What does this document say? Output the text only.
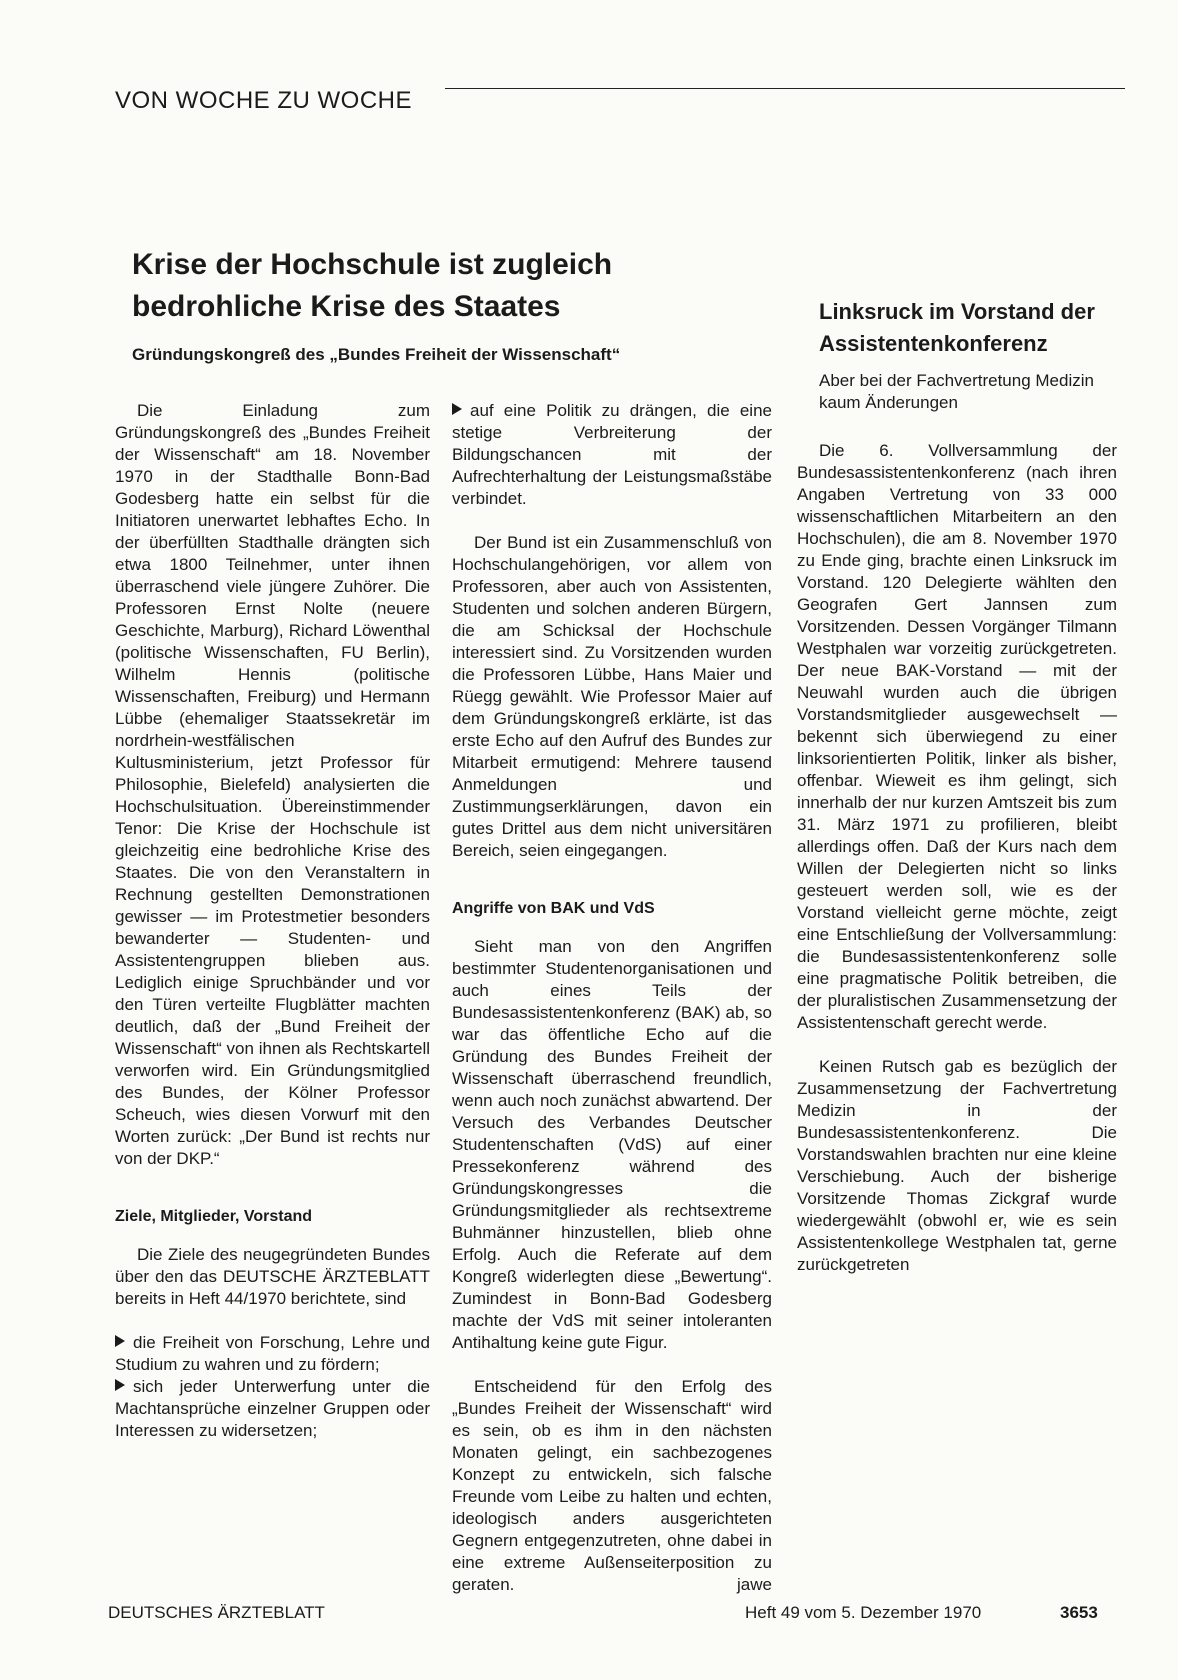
VON WOCHE ZU WOCHE
Krise der Hochschule ist zugleich bedrohliche Krise des Staates
Gründungskongreß des „Bundes Freiheit der Wissenschaft“

Die Einladung zum Gründungskongreß des „Bundes Freiheit der Wissenschaft“ am 18. November 1970 in der Stadthalle Bonn-Bad Godesberg hatte ein selbst für die Initiatoren unerwartet lebhaftes Echo. In der überfüllten Stadthalle drängten sich etwa 1800 Teilnehmer, unter ihnen überraschend viele jüngere Zuhörer. Die Professoren Ernst Nolte (neuere Geschichte, Marburg), Richard Löwenthal (politische Wissenschaften, FU Berlin), Wilhelm Hennis (politische Wissenschaften, Freiburg) und Hermann Lübbe (ehemaliger Staatssekretär im nordrhein-westfälischen Kultusministerium, jetzt Professor für Philosophie, Bielefeld) analysierten die Hochschulsituation. Übereinstimmender Tenor: Die Krise der Hochschule ist gleichzeitig eine bedrohliche Krise des Staates. Die von den Veranstaltern in Rechnung gestellten Demonstrationen gewisser — im Protestmetier besonders bewanderter — Studenten- und Assistentengruppen blieben aus. Lediglich einige Spruchbänder und vor den Türen verteilte Flugblätter machten deutlich, daß der „Bund Freiheit der Wissenschaft“ von ihnen als Rechtskartell verworfen wird. Ein Gründungsmitglied des Bundes, der Kölner Professor Scheuch, wies diesen Vorwurf mit den Worten zurück: „Der Bund ist rechts nur von der DKP.“

Ziele, Mitglieder, Vorstand

Die Ziele des neugegründeten Bundes über den das DEUTSCHE ÄRZTEBLATT bereits in Heft 44/1970 berichtete, sind

die Freiheit von Forschung, Lehre und Studium zu wahren und zu fördern;

sich jeder Unterwerfung unter die Machtansprüche einzelner Gruppen oder Interessen zu widersetzen;

auf eine Politik zu drängen, die eine stetige Verbreiterung der Bildungschancen mit der Aufrechterhaltung der Leistungsmaßstäbe verbindet.

Der Bund ist ein Zusammenschluß von Hochschulangehörigen, vor allem von Professoren, aber auch von Assistenten, Studenten und solchen anderen Bürgern, die am Schicksal der Hochschule interessiert sind. Zu Vorsitzenden wurden die Professoren Lübbe, Hans Maier und Rüegg gewählt. Wie Professor Maier auf dem Gründungskongreß erklärte, ist das erste Echo auf den Aufruf des Bundes zur Mitarbeit ermutigend: Mehrere tausend Anmeldungen und Zustimmungserklärungen, davon ein gutes Drittel aus dem nicht universitären Bereich, seien eingegangen.

Angriffe von BAK und VdS

Sieht man von den Angriffen bestimmter Studentenorganisationen und auch eines Teils der Bundesassistentenkonferenz (BAK) ab, so war das öffentliche Echo auf die Gründung des Bundes Freiheit der Wissenschaft überraschend freundlich, wenn auch noch zunächst abwartend. Der Versuch des Verbandes Deutscher Studentenschaften (VdS) auf einer Pressekonferenz während des Gründungskongresses die Gründungsmitglieder als rechtsextreme Buhmänner hinzustellen, blieb ohne Erfolg. Auch die Referate auf dem Kongreß widerlegten diese „Bewertung“. Zumindest in Bonn-Bad Godesberg machte der VdS mit seiner intoleranten Antihaltung keine gute Figur.

Entscheidend für den Erfolg des „Bundes Freiheit der Wissenschaft“ wird es sein, ob es ihm in den nächsten Monaten gelingt, ein sachbezogenes Konzept zu entwickeln, sich falsche Freunde vom Leibe zu halten und echten, ideologisch anders ausgerichteten Gegnern entgegenzutreten, ohne dabei in eine extreme Außenseiterposition zu geraten.	jawe

Linksruck im Vorstand der Assistentenkonferenz
Aber bei der Fachvertretung Medizin kaum Änderungen

Die 6. Vollversammlung der Bundesassistentenkonferenz (nach ihren Angaben Vertretung von 33 000 wissenschaftlichen Mitarbeitern an den Hochschulen), die am 8. November 1970 zu Ende ging, brachte einen Linksruck im Vorstand. 120 Delegierte wählten den Geografen Gert Jannsen zum Vorsitzenden. Dessen Vorgänger Tilmann Westphalen war vorzeitig zurückgetreten. Der neue BAK-Vorstand — mit der Neuwahl wurden auch die übrigen Vorstandsmitglieder ausgewechselt — bekennt sich überwiegend zu einer linksorientierten Politik, linker als bisher, offenbar. Wieweit es ihm gelingt, sich innerhalb der nur kurzen Amtszeit bis zum 31. März 1971 zu profilieren, bleibt allerdings offen. Daß der Kurs nach dem Willen der Delegierten nicht so links gesteuert werden soll, wie es der Vorstand vielleicht gerne möchte, zeigt eine Entschließung der Vollversammlung: die Bundesassistentenkonferenz solle eine pragmatische Politik betreiben, die der pluralistischen Zusammensetzung der Assistentenschaft gerecht werde.

Keinen Rutsch gab es bezüglich der Zusammensetzung der Fachvertretung Medizin in der Bundesassistentenkonferenz. Die Vorstandswahlen brachten nur eine kleine Verschiebung. Auch der bisherige Vorsitzende Thomas Zickgraf wurde wiedergewählt (obwohl er, wie es sein Assistentenkollege Westphalen tat, gerne zurückgetreten

DEUTSCHES ÄRZTEBLATT	Heft 49 vom 5. Dezember 1970	3653
